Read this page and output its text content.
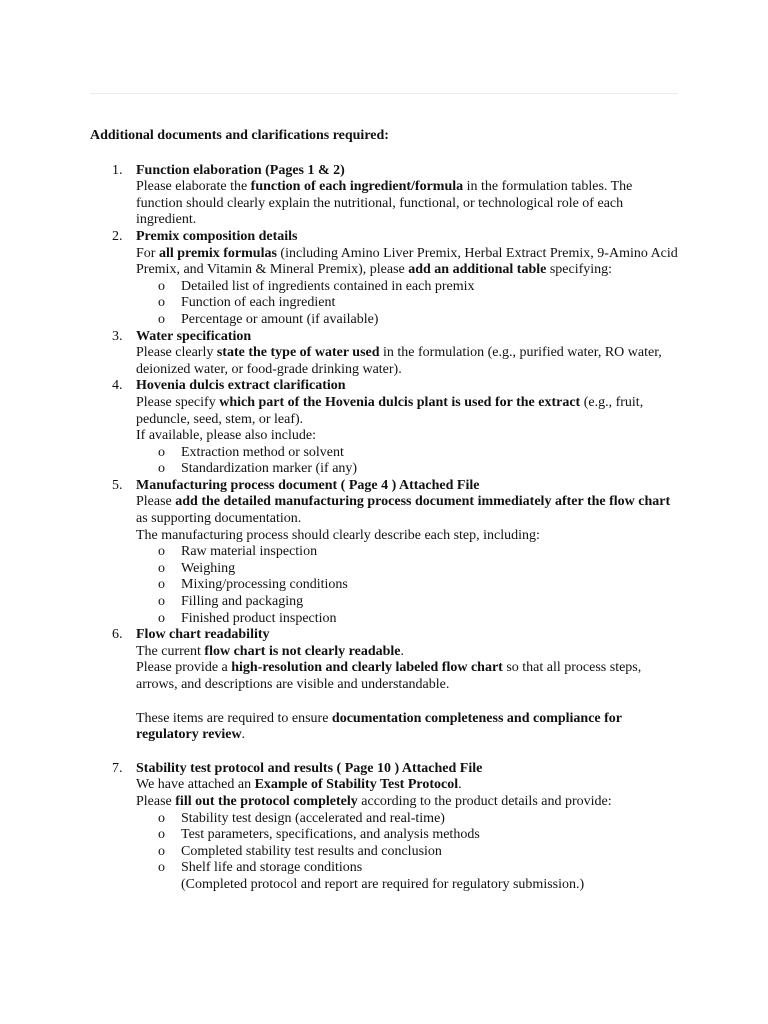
Additional documents and clarifications required:
1. Function elaboration (Pages 1 & 2)
Please elaborate the function of each ingredient/formula in the formulation tables. The function should clearly explain the nutritional, functional, or technological role of each ingredient.
2. Premix composition details
For all premix formulas (including Amino Liver Premix, Herbal Extract Premix, 9-Amino Acid Premix, and Vitamin & Mineral Premix), please add an additional table specifying:
o Detailed list of ingredients contained in each premix
o Function of each ingredient
o Percentage or amount (if available)
3. Water specification
Please clearly state the type of water used in the formulation (e.g., purified water, RO water, deionized water, or food-grade drinking water).
4. Hovenia dulcis extract clarification
Please specify which part of the Hovenia dulcis plant is used for the extract (e.g., fruit, peduncle, seed, stem, or leaf).
If available, please also include:
o Extraction method or solvent
o Standardization marker (if any)
5. Manufacturing process document ( Page 4 ) Attached File
Please add the detailed manufacturing process document immediately after the flow chart as supporting documentation.
The manufacturing process should clearly describe each step, including:
o Raw material inspection
o Weighing
o Mixing/processing conditions
o Filling and packaging
o Finished product inspection
6. Flow chart readability
The current flow chart is not clearly readable.
Please provide a high-resolution and clearly labeled flow chart so that all process steps, arrows, and descriptions are visible and understandable.
These items are required to ensure documentation completeness and compliance for regulatory review.
7. Stability test protocol and results ( Page 10 ) Attached File
We have attached an Example of Stability Test Protocol.
Please fill out the protocol completely according to the product details and provide:
o Stability test design (accelerated and real-time)
o Test parameters, specifications, and analysis methods
o Completed stability test results and conclusion
o Shelf life and storage conditions
(Completed protocol and report are required for regulatory submission.)
